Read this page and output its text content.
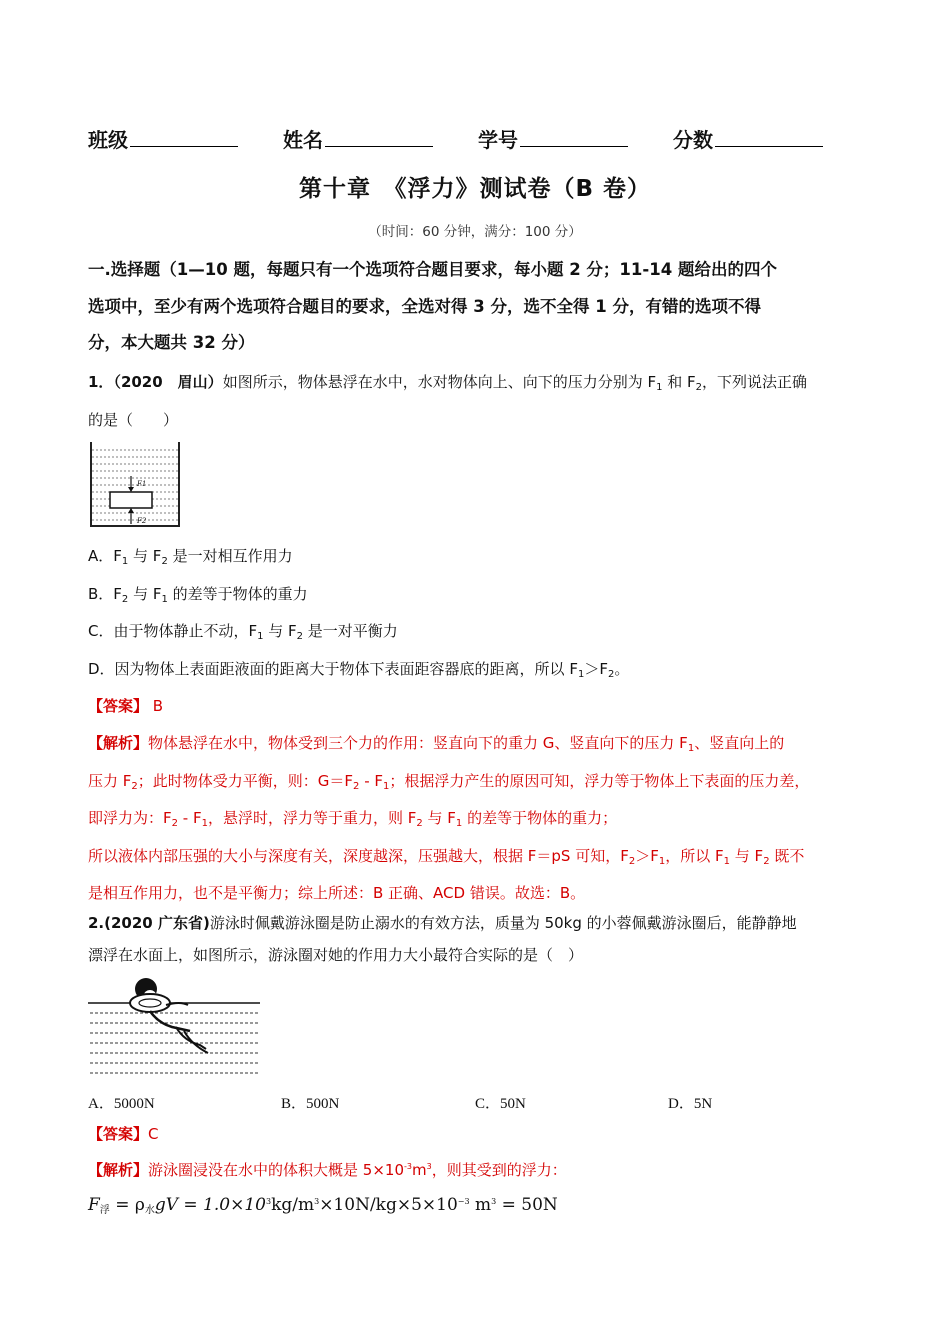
班级	姓名	学号	分数
第十章　《浮力》测试卷（B 卷）
（时间：60 分钟，满分：100 分）
一.选择题（1—10 题，每题只有一个选项符合题目要求，每小题 2 分；11-14 题给出的四个
选项中，至少有两个选项符合题目的要求，全选对得 3 分，选不全得 1 分，有错的选项不得
分，本大题共 32 分）
1．（2020　眉山）如图所示，物体悬浮在水中，水对物体向上、向下的压力分别为 $F_1$ 和 $F_2$，下列说法正确
的是（　　）
F1
F2
A．$F_1$ 与 $F_2$ 是一对相互作用力
B．$F_2$ 与 $F_1$ 的差等于物体的重力
C．由于物体静止不动，$F_1$ 与 $F_2$ 是一对平衡力
D．因为物体上表面距液面的距离大于物体下表面距容器底的距离，所以 $F_1>F_2$。
【答案】 B
【解析】物体悬浮在水中，物体受到三个力的作用：竖直向下的重力 G、竖直向下的压力 $F_1$、竖直向上的
压力 $F_2$；此时物体受力平衡，则：$G=F_2 - F_1$；根据浮力产生的原因可知，浮力等于物体上下表面的压力差，
即浮力为：$F_2 - F_1$，悬浮时，浮力等于重力，则 $F_2$ 与 $F_1$ 的差等于物体的重力；
所以液体内部压强的大小与深度有关，深度越深，压强越大，根据 F＝pS 可知，$F_2>F_1$，所以 $F_1$ 与 $F_2$ 既不
是相互作用力，也不是平衡力；综上所述：B 正确、ACD 错误。故选：B。
2.(2020 广东省)游泳时佩戴游泳圈是防止溺水的有效方法，质量为 50kg 的小蓉佩戴游泳圈后，能静静地
漂浮在水面上，如图所示，游泳圈对她的作用力大小最符合实际的是（　）
A．5000N	B．500N	C．50N	D．5N
【答案】C
【解析】游泳圈浸没在水中的体积大概是 $5\times 10^{-3}m^3$，则其受到的浮力：
$F_浮 = \rho_水gV = 1.0\times 10^3kg/m^3\times 10N/kg\times 5\times 10^{-3}$ $m^3 = 50N$
